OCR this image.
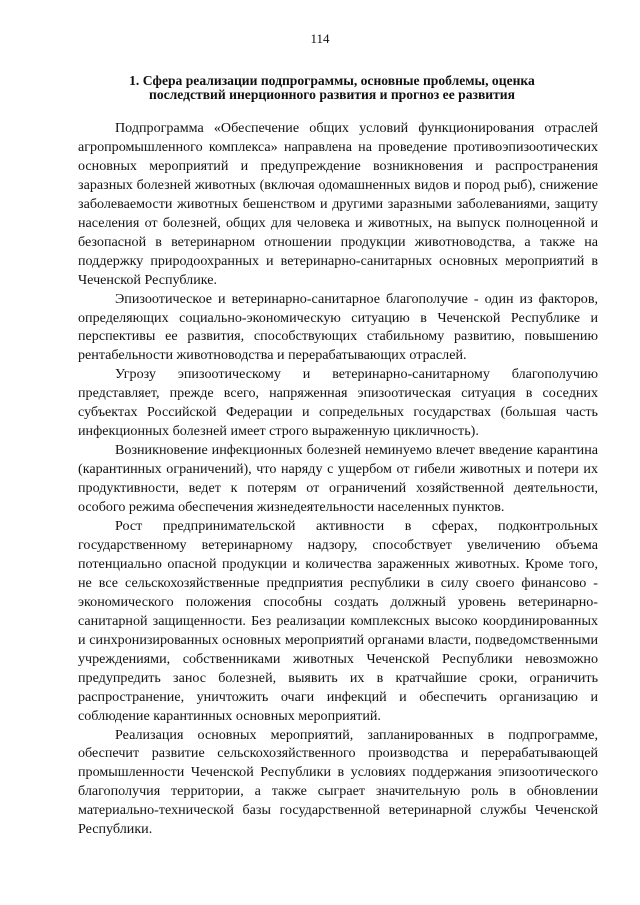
114
1. Сфера реализации подпрограммы, основные проблемы, оценка
последствий инерционного развития и прогноз ее развития

Подпрограмма «Обеспечение общих условий функционирования отраслей агропромышленного комплекса» направлена на проведение противоэпизоотических основных мероприятий и предупреждение возникновения и распространения заразных болезней животных (включая одомашненных видов и пород рыб), снижение заболеваемости животных бешенством и другими заразными заболеваниями, защиту населения от болезней, общих для человека и животных, на выпуск полноценной и безопасной в ветеринарном отношении продукции животноводства, а также на поддержку природоохранных и ветеринарно-санитарных основных мероприятий в Чеченской Республике.

Эпизоотическое и ветеринарно-санитарное благополучие - один из факторов, определяющих социально-экономическую ситуацию в Чеченской Республике и перспективы ее развития, способствующих стабильному развитию, повышению рентабельности животноводства и перерабатывающих отраслей.

Угрозу эпизоотическому и ветеринарно-санитарному благополучию представляет, прежде всего, напряженная эпизоотическая ситуация в соседних субъектах Российской Федерации и сопредельных государствах (большая часть инфекционных болезней имеет строго выраженную цикличность).

Возникновение инфекционных болезней неминуемо влечет введение карантина (карантинных ограничений), что наряду с ущербом от гибели животных и потери их продуктивности, ведет к потерям от ограничений хозяйственной деятельности, особого режима обеспечения жизнедеятельности населенных пунктов.

Рост предпринимательской активности в сферах, подконтрольных государственному ветеринарному надзору, способствует увеличению объема потенциально опасной продукции и количества зараженных животных. Кроме того, не все сельскохозяйственные предприятия республики в силу своего финансово - экономического положения способны создать должный уровень ветеринарно-санитарной защищенности. Без реализации комплексных высоко координированных и синхронизированных основных мероприятий органами власти, подведомственными учреждениями, собственниками животных Чеченской Республики невозможно предупредить занос болезней, выявить их в кратчайшие сроки, ограничить распространение, уничтожить очаги инфекций и обеспечить организацию и соблюдение карантинных основных мероприятий.

Реализация основных мероприятий, запланированных в подпрограмме, обеспечит развитие сельскохозяйственного производства и перерабатывающей промышленности Чеченской Республики в условиях поддержания эпизоотического благополучия территории, а также сыграет значительную роль в обновлении материально-технической базы государственной ветеринарной службы Чеченской Республики.
